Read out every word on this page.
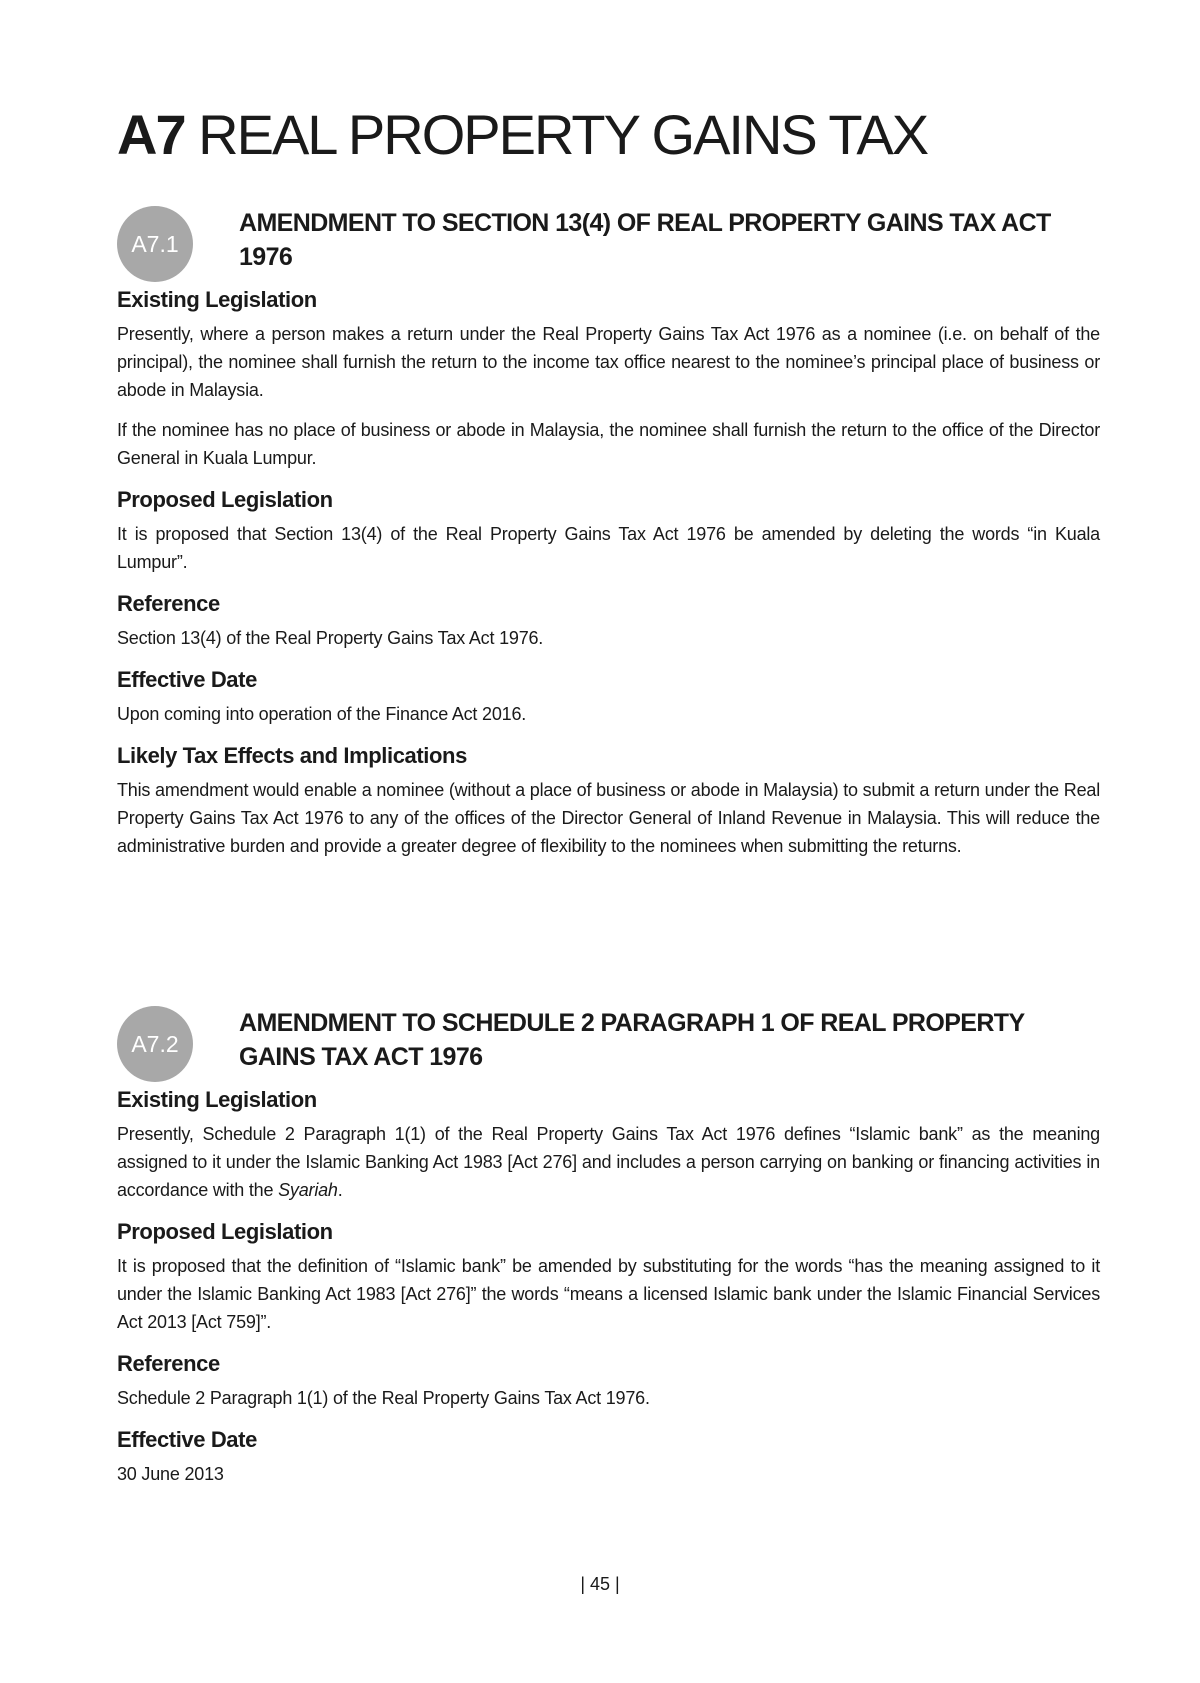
A7 REAL PROPERTY GAINS TAX
A7.1
AMENDMENT TO SECTION 13(4) OF REAL PROPERTY GAINS TAX ACT 1976
Existing Legislation

Presently, where a person makes a return under the Real Property Gains Tax Act 1976 as a nominee (i.e. on behalf of the principal), the nominee shall furnish the return to the income tax office nearest to the nominee’s principal place of business or abode in Malaysia.

If the nominee has no place of business or abode in Malaysia, the nominee shall furnish the return to the office of the Director General in Kuala Lumpur.

Proposed Legislation

It is proposed that Section 13(4) of the Real Property Gains Tax Act 1976 be amended by deleting the words “in Kuala Lumpur”.

Reference

Section 13(4) of the Real Property Gains Tax Act 1976.

Effective Date

Upon coming into operation of the Finance Act 2016.

Likely Tax Effects and Implications

This amendment would enable a nominee (without a place of business or abode in Malaysia) to submit a return under the Real Property Gains Tax Act 1976 to any of the offices of the Director General of Inland Revenue in Malaysia. This will reduce the administrative burden and provide a greater degree of flexibility to the nominees when submitting the returns.

A7.2
AMENDMENT TO SCHEDULE 2 PARAGRAPH 1 OF REAL PROPERTY GAINS TAX ACT 1976
Existing Legislation

Presently, Schedule 2 Paragraph 1(1) of the Real Property Gains Tax Act 1976 defines “Islamic bank” as the meaning assigned to it under the Islamic Banking Act 1983 [Act 276] and includes a person carrying on banking or financing activities in accordance with the Syariah.

Proposed Legislation

It is proposed that the definition of “Islamic bank” be amended by substituting for the words “has the meaning assigned to it under the Islamic Banking Act 1983 [Act 276]” the words “means a licensed Islamic bank under the Islamic Financial Services Act 2013 [Act 759]”.

Reference

Schedule 2 Paragraph 1(1) of the Real Property Gains Tax Act 1976.

Effective Date

30 June 2013

| 45 |
